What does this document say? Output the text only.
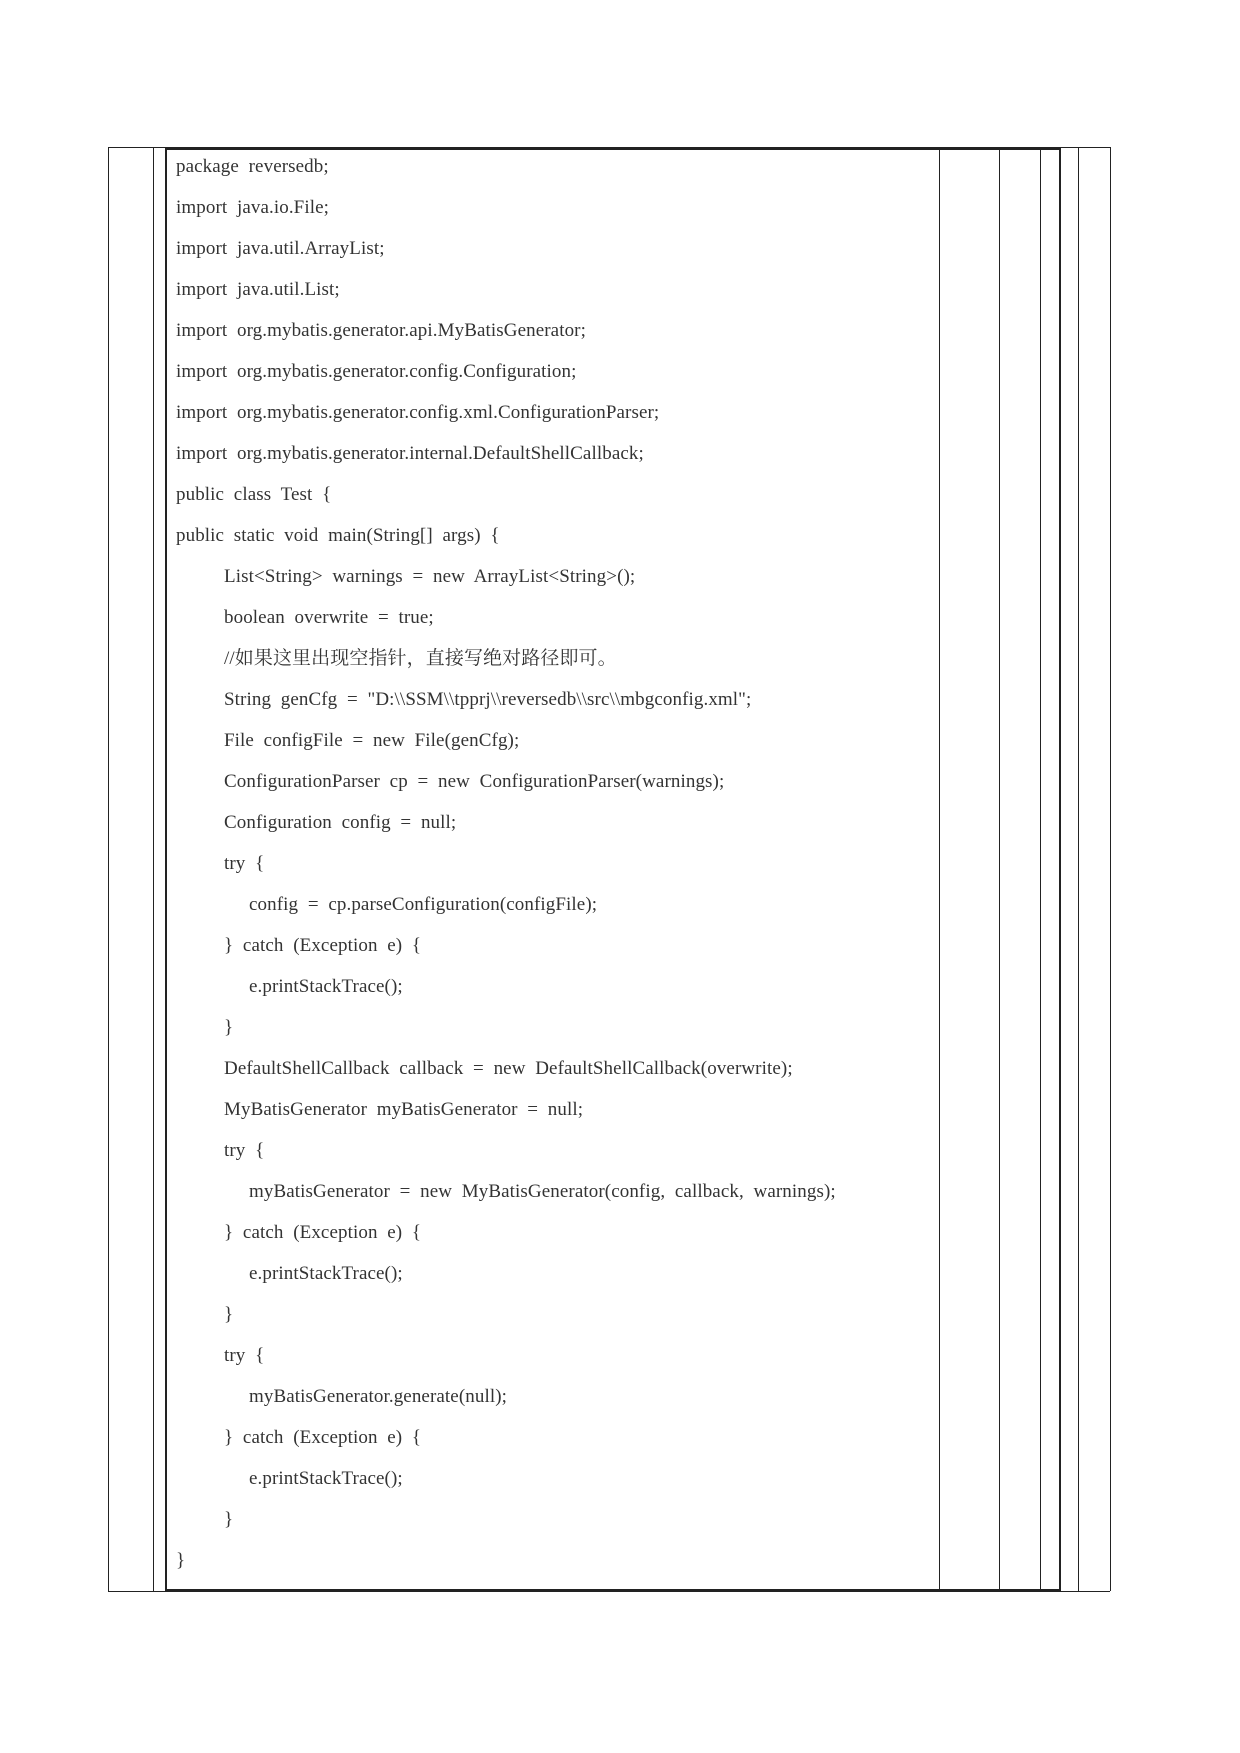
package  reversedb;
import  java.io.File;
import  java.util.ArrayList;
import  java.util.List;
import  org.mybatis.generator.api.MyBatisGenerator;
import  org.mybatis.generator.config.Configuration;
import  org.mybatis.generator.config.xml.ConfigurationParser;
import  org.mybatis.generator.internal.DefaultShellCallback;
public  class  Test  {
public  static  void  main(String[]  args)  {
List<String>  warnings  =  new  ArrayList<String>();
boolean  overwrite  =  true;
//如果这里出现空指针，直接写绝对路径即可。
String  genCfg  =  "D:\\SSM\\tpprj\\reversedb\\src\\mbgconfig.xml";
File  configFile  =  new  File(genCfg);
ConfigurationParser  cp  =  new  ConfigurationParser(warnings);
Configuration  config  =  null;
try  {
config  =  cp.parseConfiguration(configFile);
}  catch  (Exception  e)  {
e.printStackTrace();
}
DefaultShellCallback  callback  =  new  DefaultShellCallback(overwrite);
MyBatisGenerator  myBatisGenerator  =  null;
try  {
myBatisGenerator  =  new  MyBatisGenerator(config,  callback,  warnings);
}  catch  (Exception  e)  {
e.printStackTrace();
}
try  {
myBatisGenerator.generate(null);
}  catch  (Exception  e)  {
e.printStackTrace();
}
}
